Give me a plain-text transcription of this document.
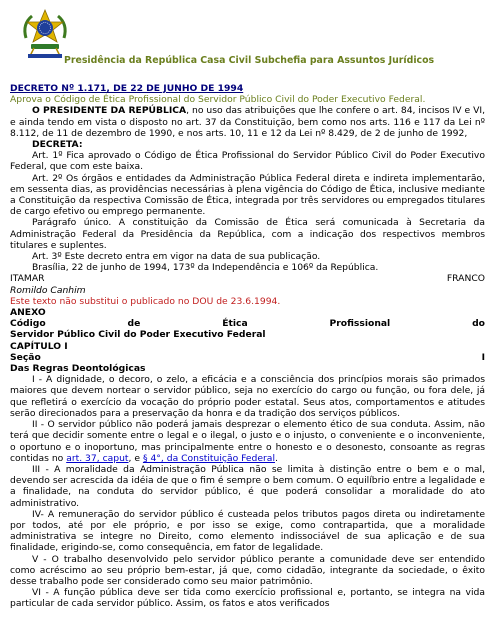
Presidência da República Casa Civil Subchefia para Assuntos Jurídicos

DECRETO Nº 1.171, DE 22 DE JUNHO DE 1994

Aprova o Código de Ética Profissional do Servidor Público Civil do Poder Executivo Federal.

O PRESIDENTE DA REPÚBLICA, no uso das atribuições que lhe confere o art. 84, incisos IV e VI, e ainda tendo em vista o disposto no art. 37 da Constituição, bem como nos arts. 116 e 117 da Lei nº 8.112, de 11 de dezembro de 1990, e nos arts. 10, 11 e 12 da Lei nº 8.429, de 2 de junho de 1992,

DECRETA:

Art. 1º Fica aprovado o Código de Ética Profissional do Servidor Público Civil do Poder Executivo Federal, que com este baixa.

Art. 2º Os órgãos e entidades da Administração Pública Federal direta e indireta implementarão, em sessenta dias, as providências necessárias à plena vigência do Código de Ética, inclusive mediante a Constituição da respectiva Comissão de Ética, integrada por três servidores ou empregados titulares de cargo efetivo ou emprego permanente.

Parágrafo único. A constituição da Comissão de Ética será comunicada à Secretaria da Administração Federal da Presidência da República, com a indicação dos respectivos membros titulares e suplentes.

Art. 3º Este decreto entra em vigor na data de sua publicação.

Brasília, 22 de junho de 1994, 173º da Independência e 106º da República.

ITAMAR	FRANCO

Romildo Canhim

Este texto não substitui o publicado no DOU de 23.6.1994.

ANEXO

Código	de	Ética	Profissional	do

Servidor Público Civil do Poder Executivo Federal

CAPÍTULO I

Seção	I

Das Regras Deontológicas

I - A dignidade, o decoro, o zelo, a eficácia e a consciência dos princípios morais são primados maiores que devem nortear o servidor público, seja no exercício do cargo ou função, ou fora dele, já que refletirá o exercício da vocação do próprio poder estatal. Seus atos, comportamentos e atitudes serão direcionados para a preservação da honra e da tradição dos serviços públicos.

II - O servidor público não poderá jamais desprezar o elemento ético de sua conduta. Assim, não terá que decidir somente entre o legal e o ilegal, o justo e o injusto, o conveniente e o inconveniente, o oportuno e o inoportuno, mas principalmente entre o honesto e o desonesto, consoante as regras contidas no art. 37, caput, e § 4°, da Constituição Federal.

III - A moralidade da Administração Pública não se limita à distinção entre o bem e o mal, devendo ser acrescida da idéia de que o fim é sempre o bem comum. O equilíbrio entre a legalidade e a finalidade, na conduta do servidor público, é que poderá consolidar a moralidade do ato administrativo.

IV- A remuneração do servidor público é custeada pelos tributos pagos direta ou indiretamente por todos, até por ele próprio, e por isso se exige, como contrapartida, que a moralidade administrativa se integre no Direito, como elemento indissociável de sua aplicação e de sua finalidade, erigindo-se, como consequência, em fator de legalidade.

V - O trabalho desenvolvido pelo servidor público perante a comunidade deve ser entendido como acréscimo ao seu próprio bem-estar, já que, como cidadão, integrante da sociedade, o êxito desse trabalho pode ser considerado como seu maior patrimônio.

VI - A função pública deve ser tida como exercício profissional e, portanto, se integra na vida particular de cada servidor público. Assim, os fatos e atos verificados
